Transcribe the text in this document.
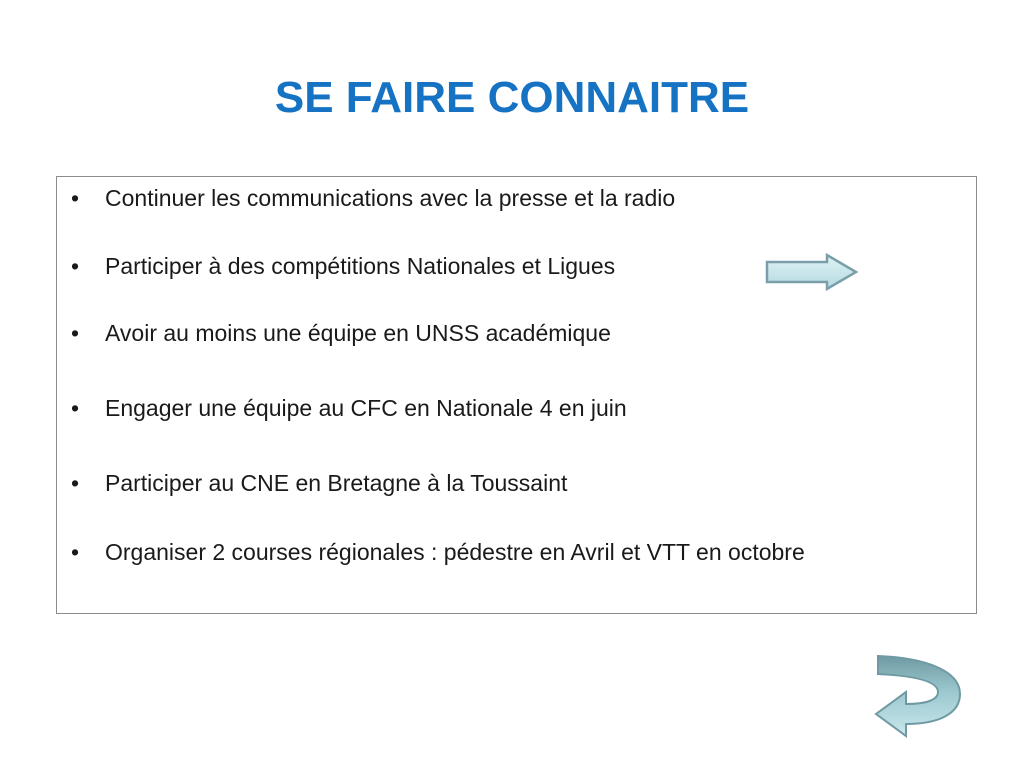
SE FAIRE CONNAITRE
•	Continuer les communications avec la presse et la radio
•	Participer à des compétitions Nationales et Ligues
•	Avoir au moins une équipe en UNSS académique
•	Engager une équipe au CFC en Nationale 4 en juin
•	Participer au CNE en Bretagne à la Toussaint
•	Organiser 2 courses régionales : pédestre en Avril et VTT en octobre
